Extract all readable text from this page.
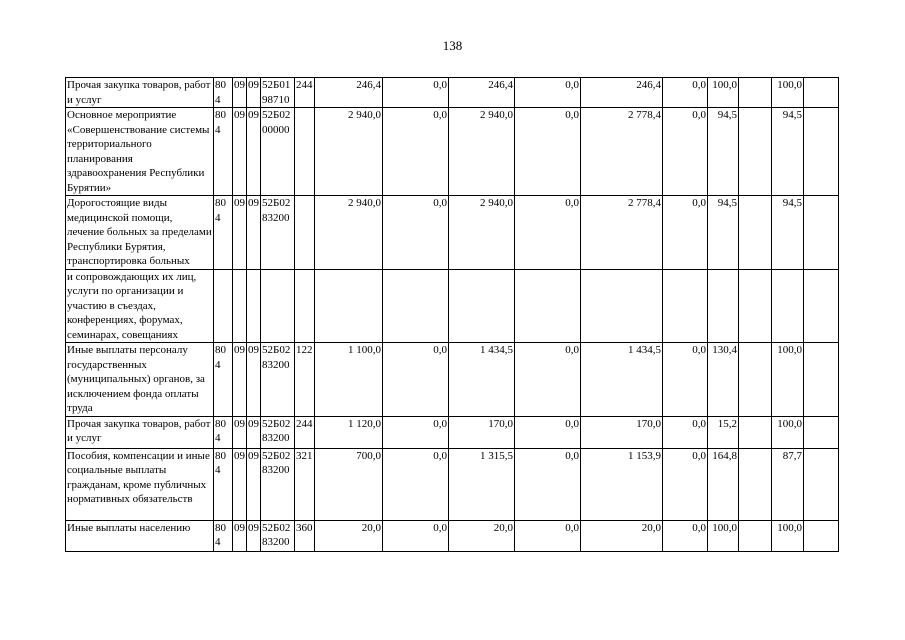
138
Прочая закупка товаров, работ и услуг	804	09	09	52Б0198710	244	246,4	0,0	246,4	0,0	246,4	0,0	100,0		100,0	
Основное мероприятие «Совершенствование системы территориального планирования здравоохранения Республики Бурятии»	804	09	09	52Б0200000		2 940,0	0,0	2 940,0	0,0	2 778,4	0,0	94,5		94,5	
Дорогостоящие виды медицинской помощи, лечение больных за пределами Республики Бурятия, транспортировка больных	804	09	09	52Б0283200		2 940,0	0,0	2 940,0	0,0	2 778,4	0,0	94,5		94,5	
и сопровождающих их лиц, услуги по организации и участию в съездах, конференциях, форумах, семинарах, совещаниях															
Иные выплаты персоналу государственных (муниципальных) органов, за исключением фонда оплаты труда	804	09	09	52Б0283200	122	1 100,0	0,0	1 434,5	0,0	1 434,5	0,0	130,4		100,0	
Прочая закупка товаров, работ и услуг	804	09	09	52Б0283200	244	1 120,0	0,0	170,0	0,0	170,0	0,0	15,2		100,0	
Пособия, компенсации и иные социальные выплаты гражданам, кроме публичных нормативных обязательств	804	09	09	52Б0283200	321	700,0	0,0	1 315,5	0,0	1 153,9	0,0	164,8		87,7	
Иные выплаты населению	804	09	09	52Б0283200	360	20,0	0,0	20,0	0,0	20,0	0,0	100,0		100,0	
